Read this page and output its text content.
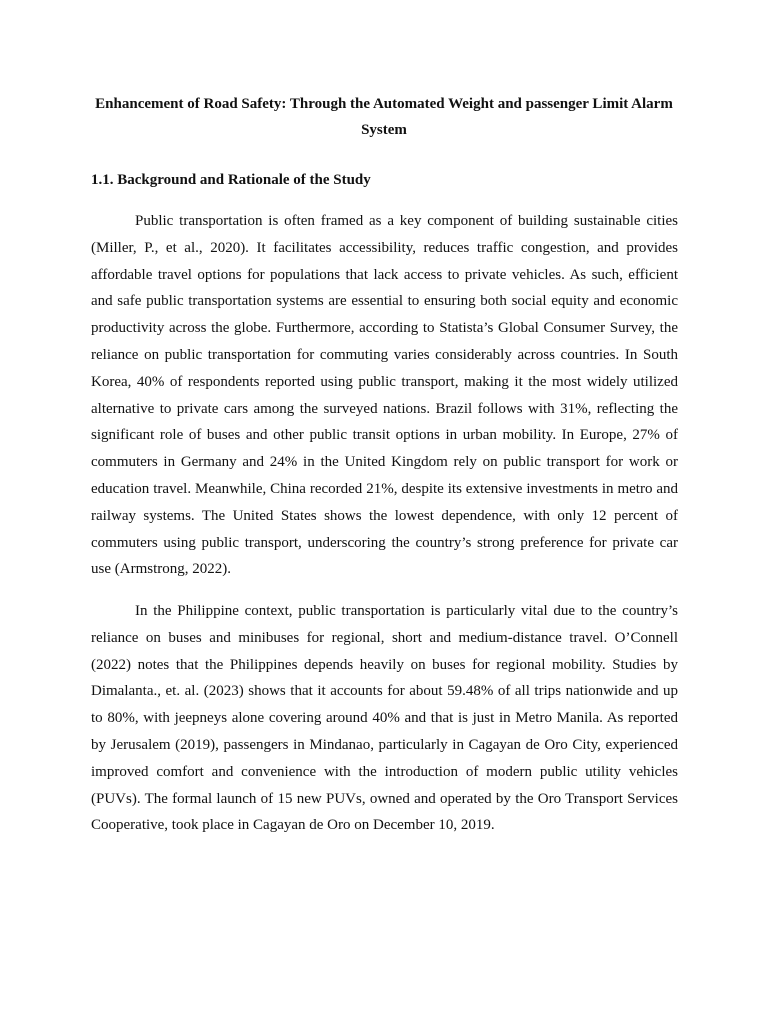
Enhancement of Road Safety: Through the Automated Weight and passenger Limit Alarm System

1.1. Background and Rationale of the Study

Public transportation is often framed as a key component of building sustainable cities (Miller, P., et al., 2020). It facilitates accessibility, reduces traffic congestion, and provides affordable travel options for populations that lack access to private vehicles. As such, efficient and safe public transportation systems are essential to ensuring both social equity and economic productivity across the globe. Furthermore, according to Statista’s Global Consumer Survey, the reliance on public transportation for commuting varies considerably across countries. In South Korea, 40% of respondents reported using public transport, making it the most widely utilized alternative to private cars among the surveyed nations. Brazil follows with 31%, reflecting the significant role of buses and other public transit options in urban mobility. In Europe, 27% of commuters in Germany and 24% in the United Kingdom rely on public transport for work or education travel. Meanwhile, China recorded 21%, despite its extensive investments in metro and railway systems. The United States shows the lowest dependence, with only 12 percent of commuters using public transport, underscoring the country’s strong preference for private car use (Armstrong, 2022).

In the Philippine context, public transportation is particularly vital due to the country’s reliance on buses and minibuses for regional, short and medium-distance travel. O’Connell (2022) notes that the Philippines depends heavily on buses for regional mobility. Studies by Dimalanta., et. al. (2023) shows that it accounts for about 59.48% of all trips nationwide and up to 80%, with jeepneys alone covering around 40% and that is just in Metro Manila. As reported by Jerusalem (2019), passengers in Mindanao, particularly in Cagayan de Oro City, experienced improved comfort and convenience with the introduction of modern public utility vehicles (PUVs). The formal launch of 15 new PUVs, owned and operated by the Oro Transport Services Cooperative, took place in Cagayan de Oro on December 10, 2019.
